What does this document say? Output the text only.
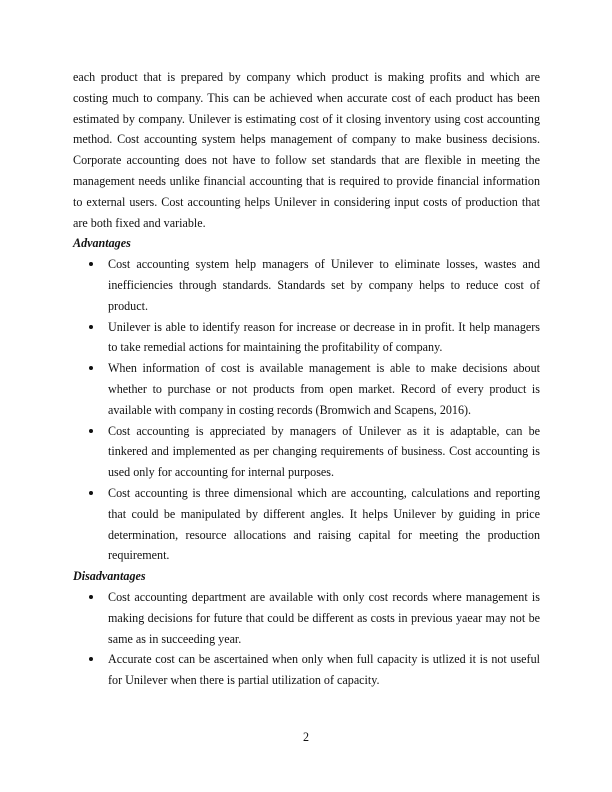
each product that is prepared by company which product is making profits and which are costing much to company. This can be achieved when accurate cost of each product has been estimated by company. Unilever is estimating cost of it closing inventory using cost accounting method. Cost accounting system helps management of company to make business decisions. Corporate accounting does not have to follow set standards that are flexible in meeting the management needs unlike financial accounting that is required to provide financial information to external users. Cost accounting helps Unilever in considering input costs of production that are both fixed and variable.

Advantages
Cost accounting system help managers of Unilever to eliminate losses, wastes and inefficiencies through standards. Standards set by company helps to reduce cost of product.
Unilever is able to identify reason for increase or decrease in in profit. It help managers to take remedial actions for maintaining the profitability of company.
When information of cost is available management is able to make decisions about whether to purchase or not products from open market. Record of every product is available with company in costing records (Bromwich and Scapens, 2016).
Cost accounting is appreciated by managers of Unilever as it is adaptable, can be tinkered and implemented as per changing requirements of business. Cost accounting is used only for accounting for internal purposes.
Cost accounting is three dimensional which are accounting, calculations and reporting that could be manipulated by different angles. It helps Unilever by guiding in price determination, resource allocations and raising capital for meeting the production requirement.
Disadvantages
Cost accounting department are available with only cost records where management is making decisions for future that could be different as costs in previous yaear may not be same as in succeeding year.
Accurate cost can be ascertained when only when full capacity is utlized it is not useful for Unilever when there is partial utilization of capacity.
2
